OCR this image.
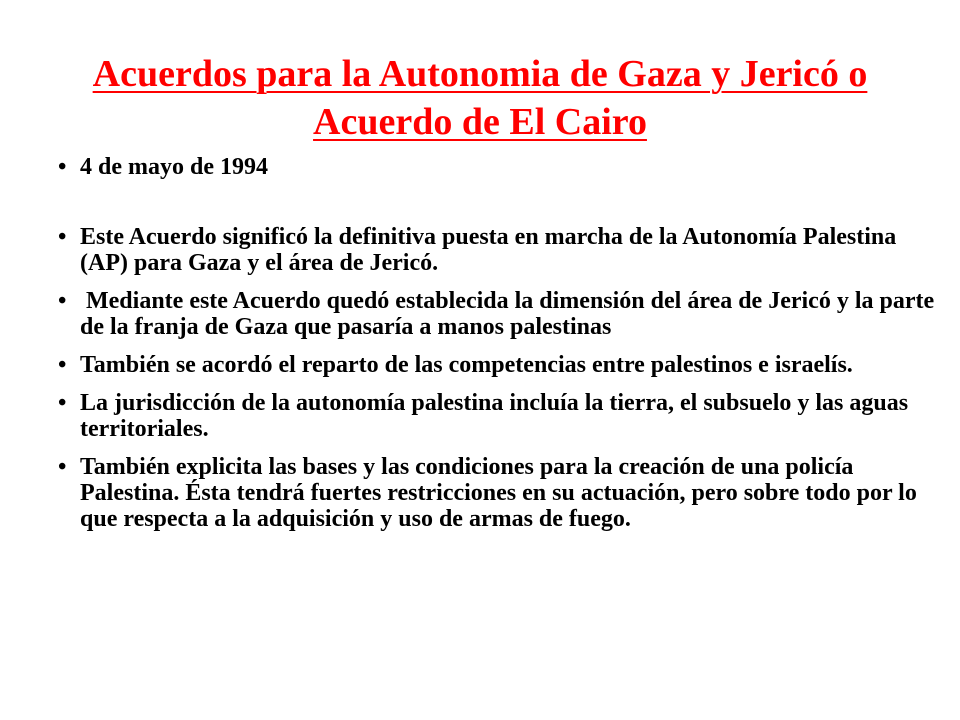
Acuerdos para la Autonomia de Gaza y Jericó o Acuerdo de El Cairo
• 4 de mayo de 1994
• Este Acuerdo significó la definitiva puesta en marcha de la Autonomía Palestina (AP) para Gaza y el área de Jericó.
• Mediante este Acuerdo quedó establecida la dimensión del área de Jericó y la parte de la franja de Gaza que pasaría a manos palestinas
• También se acordó el reparto de las competencias entre palestinos e israelís.
• La jurisdicción de la autonomía palestina incluía la tierra, el subsuelo y las aguas territoriales.
• También explicita las bases y las condiciones para la creación de una policía Palestina. Ésta tendrá fuertes restricciones en su actuación, pero sobre todo por lo que respecta a la adquisición y uso de armas de fuego.
